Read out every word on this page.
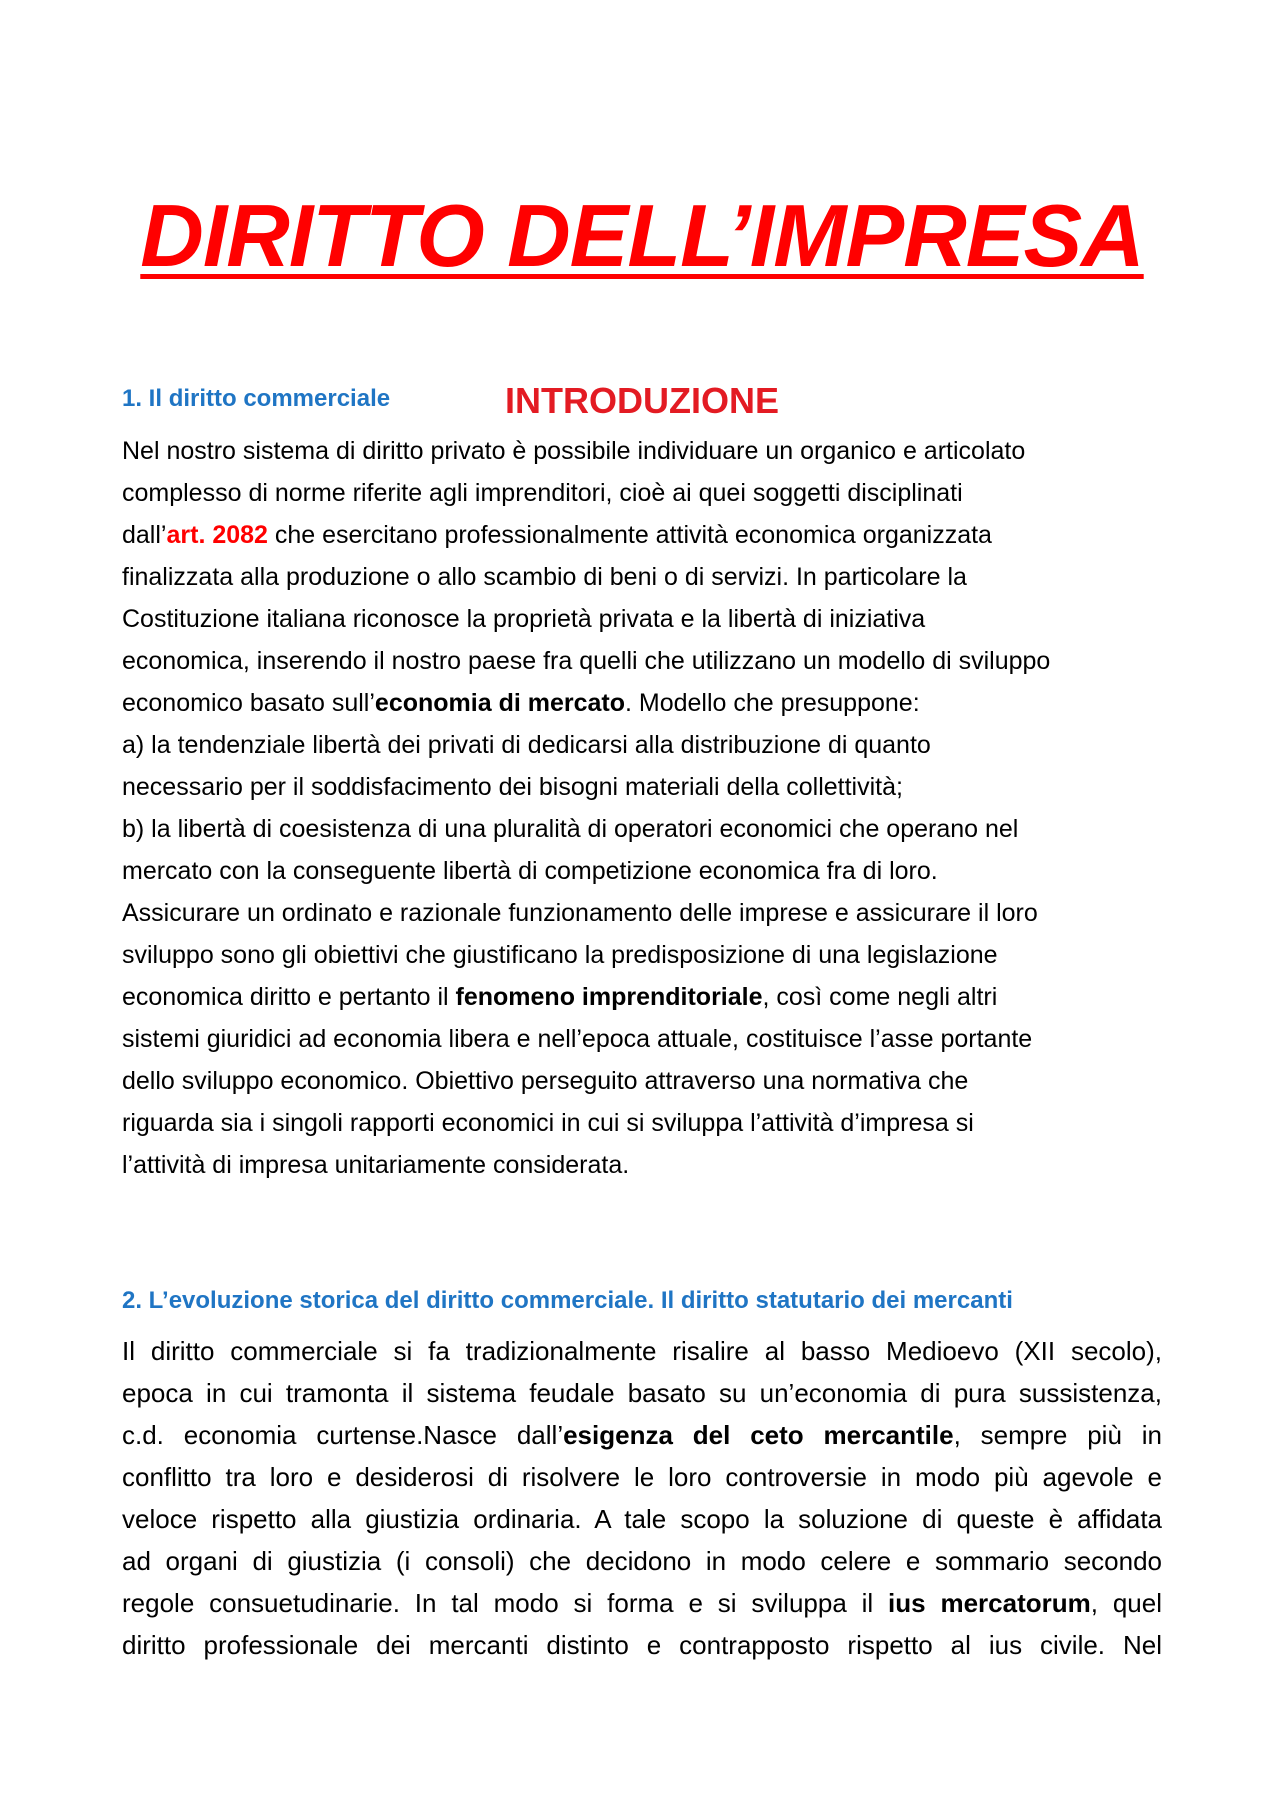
DIRITTO DELL’IMPRESA
INTRODUZIONE
1. Il diritto commerciale
Nel nostro sistema di diritto privato è possibile individuare un organico e articolato
complesso di norme riferite agli imprenditori, cioè ai quei soggetti disciplinati
dall’art. 2082 che esercitano professionalmente attività economica organizzata
finalizzata alla produzione o allo scambio di beni o di servizi. In particolare la
Costituzione italiana riconosce la proprietà privata e la libertà di iniziativa
economica, inserendo il nostro paese fra quelli che utilizzano un modello di sviluppo
economico basato sull’economia di mercato. Modello che presuppone:
a) la tendenziale libertà dei privati di dedicarsi alla distribuzione di quanto
necessario per il soddisfacimento dei bisogni materiali della collettività;
b) la libertà di coesistenza di una pluralità di operatori economici che operano nel
mercato con la conseguente libertà di competizione economica fra di loro.
Assicurare un ordinato e razionale funzionamento delle imprese e assicurare il loro
sviluppo sono gli obiettivi che giustificano la predisposizione di una legislazione
economica diritto e pertanto il fenomeno imprenditoriale, così come negli altri
sistemi giuridici ad economia libera e nell’epoca attuale, costituisce l’asse portante
dello sviluppo economico. Obiettivo perseguito attraverso una normativa che
riguarda sia i singoli rapporti economici in cui si sviluppa l’attività d’impresa si
l’attività di impresa unitariamente considerata.
2. L’evoluzione storica del diritto commerciale. Il diritto statutario dei mercanti
Il diritto commerciale si fa tradizionalmente risalire al basso Medioevo (XII secolo),
epoca in cui tramonta il sistema feudale basato su un’economia di pura sussistenza,
c.d. economia curtense.Nasce dall’esigenza del ceto mercantile, sempre più in
conflitto tra loro e desiderosi di risolvere le loro controversie in modo più agevole e
veloce rispetto alla giustizia ordinaria. A tale scopo la soluzione di queste è affidata
ad organi di giustizia (i consoli) che decidono in modo celere e sommario secondo
regole consuetudinarie. In tal modo si forma e si sviluppa il ius mercatorum, quel
diritto professionale dei mercanti distinto e contrapposto rispetto al ius civile. Nel
